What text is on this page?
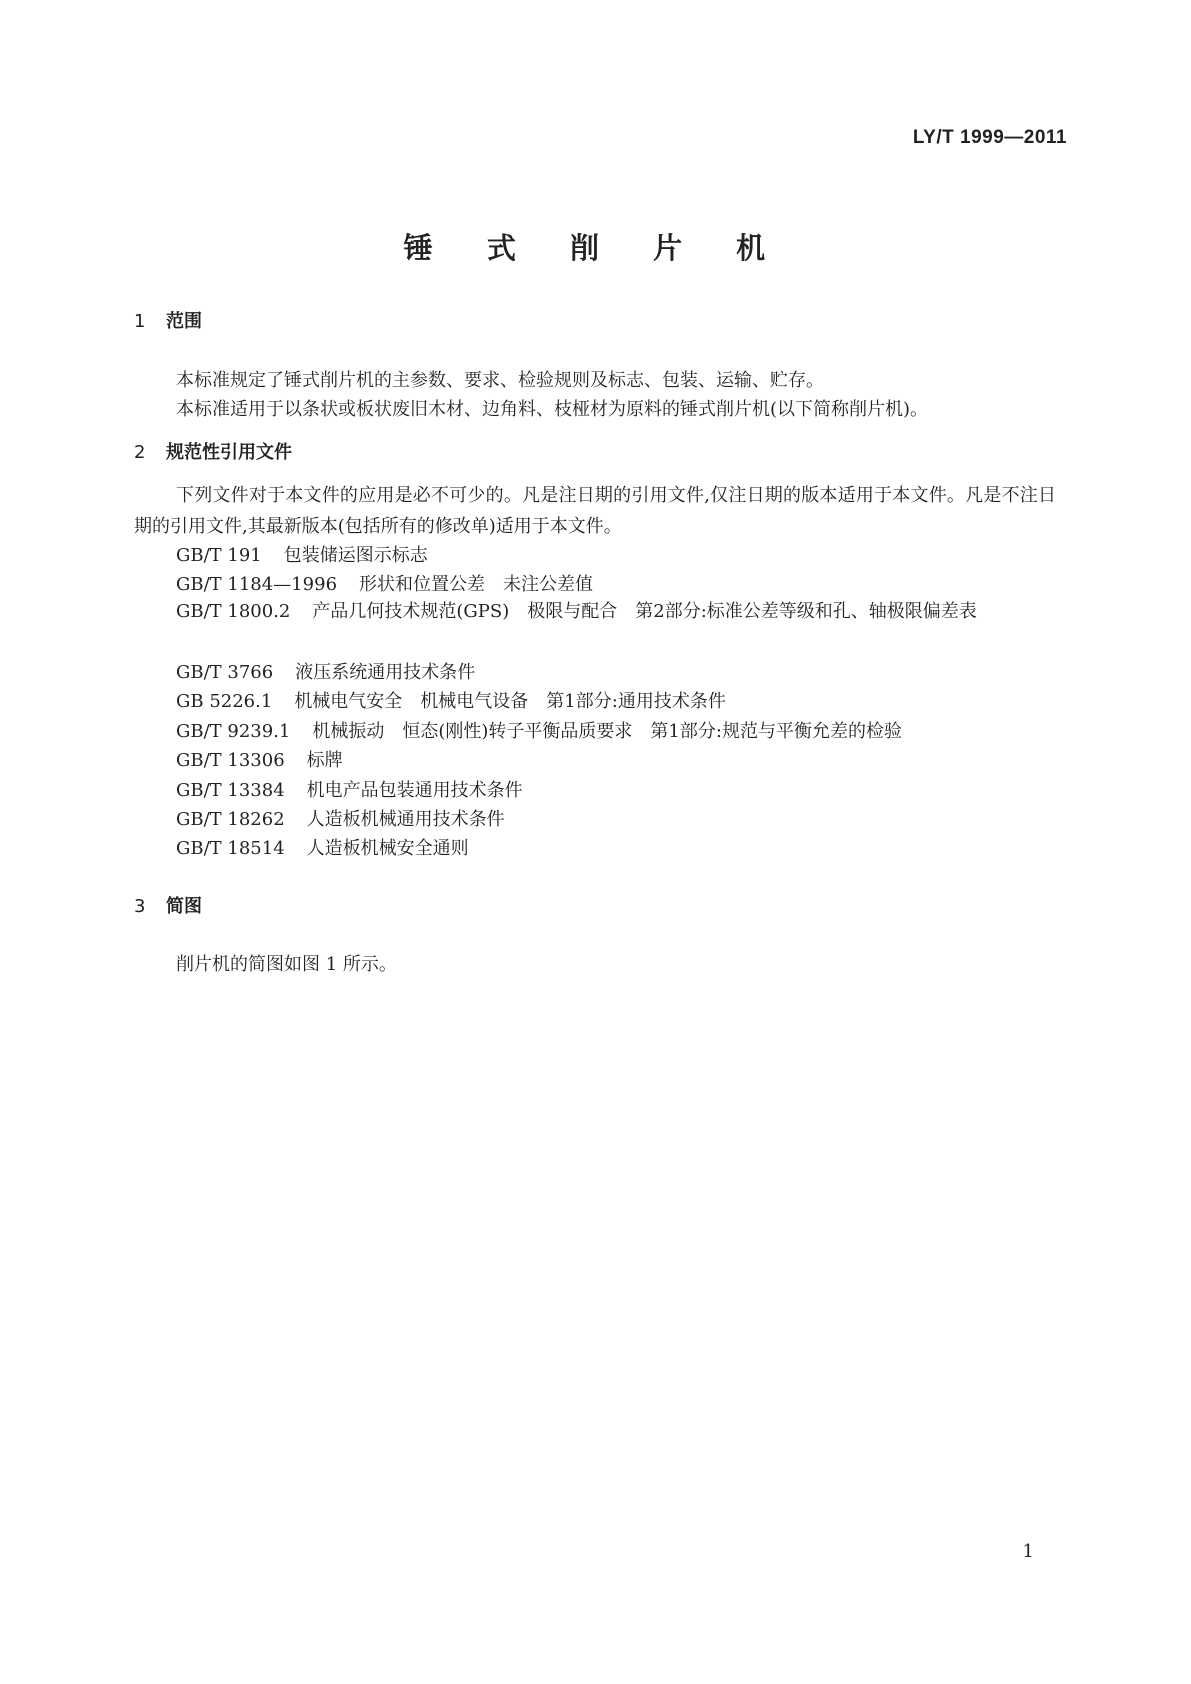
LY/T 1999—2011
锤 式 削 片 机
1 范围
本标准规定了锤式削片机的主参数、要求、检验规则及标志、包装、运输、贮存。
本标准适用于以条状或板状废旧木材、边角料、枝桠材为原料的锤式削片机(以下简称削片机)。
2 规范性引用文件
下列文件对于本文件的应用是必不可少的。凡是注日期的引用文件,仅注日期的版本适用于本文件。凡是不注日期的引用文件,其最新版本(包括所有的修改单)适用于本文件。
GB/T 191 包装储运图示标志
GB/T 1184—1996 形状和位置公差　未注公差值
GB/T 1800.2 产品几何技术规范(GPS)　极限与配合　第2部分:标准公差等级和孔、轴极限偏差表
GB/T 3766 液压系统通用技术条件
GB 5226.1 机械电气安全　机械电气设备　第1部分:通用技术条件
GB/T 9239.1 机械振动　恒态(刚性)转子平衡品质要求　第1部分:规范与平衡允差的检验
GB/T 13306 标牌
GB/T 13384 机电产品包装通用技术条件
GB/T 18262 人造板机械通用技术条件
GB/T 18514 人造板机械安全通则
3 简图
削片机的简图如图 1 所示。
1
